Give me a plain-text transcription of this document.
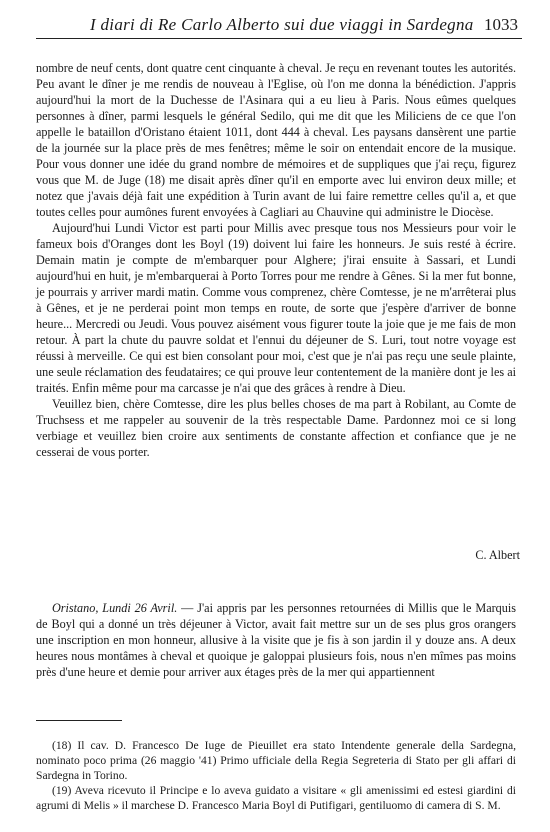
I diari di Re Carlo Alberto sui due viaggi in Sardegna 1033

nombre de neuf cents, dont quatre cent cinquante à cheval. Je reçu en revenant toutes les autorités. Peu avant le dîner je me rendis de nouveau à l'Eglise, où l'on me donna la bénédiction. J'appris aujourd'hui la mort de la Duchesse de l'Asinara qui a eu lieu à Paris. Nous eûmes quelques personnes à dîner, parmi lesquels le général Sedilo, qui me dit que les Miliciens de ce que l'on appelle le bataillon d'Oristano étaient 1011, dont 444 à cheval. Les paysans dansèrent une partie de la journée sur la place près de mes fenêtres; même le soir on entendait encore de la musique. Pour vous donner une idée du grand nombre de mémoires et de suppliques que j'ai reçu, figurez vous que M. de Juge (18) me disait après dîner qu'il en emporte avec lui environ deux mille; et notez que j'avais déjà fait une expédition à Turin avant de lui faire remettre celles qu'il a, et que toutes celles pour aumônes furent envoyées à Cagliari au Chauvine qui administre le Diocèse.

Aujourd'hui Lundi Victor est parti pour Millis avec presque tous nos Messieurs pour voir le fameux bois d'Oranges dont les Boyl (19) doivent lui faire les honneurs. Je suis resté à écrire. Demain matin je compte de m'embarquer pour Alghere; j'irai ensuite à Sassari, et Lundi aujourd'hui en huit, je m'embarquerai à Porto Torres pour me rendre à Gênes. Si la mer fut bonne, je pourrais y arriver mardi matin. Comme vous comprenez, chère Comtesse, je ne m'arrêterai plus à Gênes, et je ne perderai point mon temps en route, de sorte que j'espère d'arriver de bonne heure... Mercredi ou Jeudi. Vous pouvez aisément vous figurer toute la joie que je me fais de mon retour. À part la chute du pauvre soldat et l'ennui du déjeuner de S. Luri, tout notre voyage est réussi à merveille. Ce qui est bien consolant pour moi, c'est que je n'ai pas reçu une seule plainte, une seule réclamation des feudataires; ce qui prouve leur contentement de la manière dont je les ai traités. Enfin même pour ma carcasse je n'ai que des grâces à rendre à Dieu.

Veuillez bien, chère Comtesse, dire les plus belles choses de ma part à Robilant, au Comte de Truchsess et me rappeler au souvenir de la très respectable Dame. Pardonnez moi ce si long verbiage et veuillez bien croire aux sentiments de constante affection et confiance que je ne cesserai de vous porter.

C. Albert

Oristano, Lundi 26 Avril. — J'ai appris par les personnes retournées di Millis que le Marquis de Boyl qui a donné un très déjeuner à Victor, avait fait mettre sur un de ses plus gros orangers une inscription en mon honneur, allusive à la visite que je fis à son jardin il y douze ans. A deux heures nous montâmes à cheval et quoique je galoppai plusieurs fois, nous n'en mîmes pas moins près d'une heure et demie pour arriver aux étages près de la mer qui appartiennent

(18) Il cav. D. Francesco De Iuge de Pieuillet era stato Intendente generale della Sardegna, nominato poco prima (26 maggio '41) Primo ufficiale della Regia Segreteria di Stato per gli affari di Sardegna in Torino.

(19) Aveva ricevuto il Principe e lo aveva guidato a visitare « gli amenissimi ed estesi giardini di agrumi di Melis » il marchese D. Francesco Maria Boyl di Putifigari, gentiluomo di camera di S. M.
